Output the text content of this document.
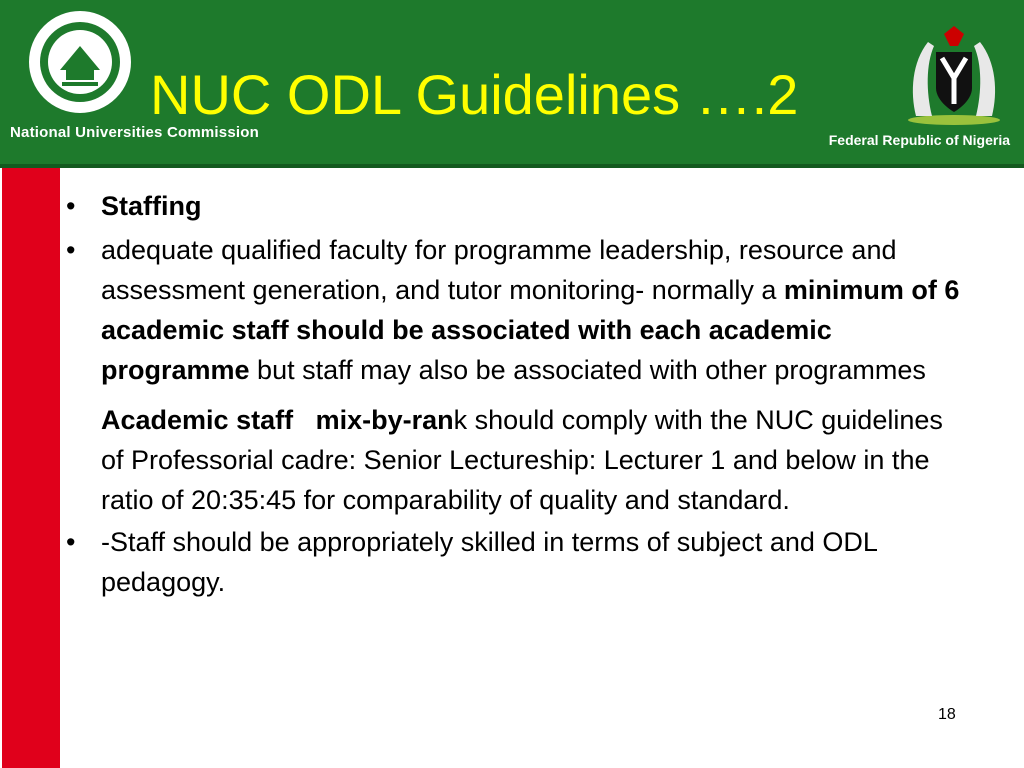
National Universities Commission
NUC ODL Guidelines ….2
Federal Republic of Nigeria
• Staffing
• adequate qualified faculty for programme leadership, resource and assessment generation, and tutor monitoring- normally a minimum of 6 academic staff should be associated with each academic programme but staff may also be associated with other programmes
Academic staff mix-by-rank should comply with the NUC guidelines of Professorial cadre: Senior Lectureship: Lecturer 1 and below in the ratio of 20:35:45 for comparability of quality and standard.
• -Staff should be appropriately skilled in terms of subject and ODL pedagogy.
18
